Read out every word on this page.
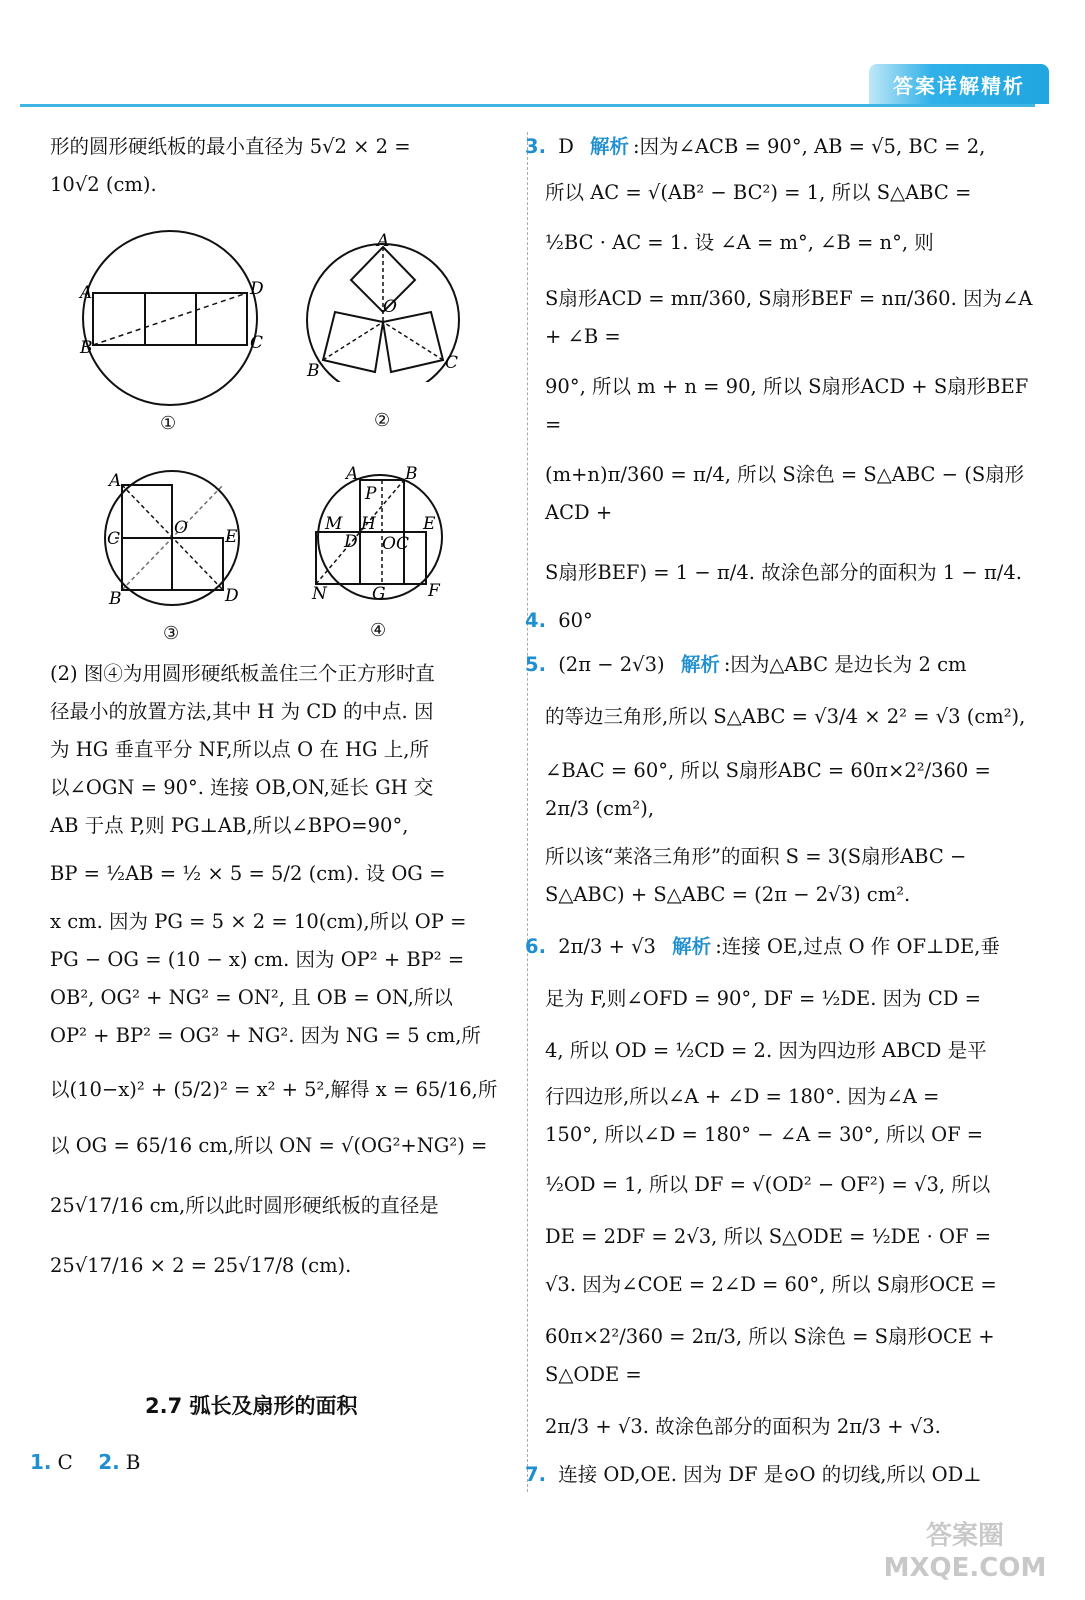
答案详解精析

形的圆形硬纸板的最小直径为 5√2 × 2 =

10√2 (cm).

A	D
B	C
①
A
O
B	C
②
A
C
O E
B	D
③
A	B
P
M H	E
D O C
N	G F
④

(2) 图④为用圆形硬纸板盖住三个正方形时直

径最小的放置方法,其中 H 为 CD 的中点. 因

为 HG 垂直平分 NF,所以点 O 在 HG 上,所

以∠OGN = 90°. 连接 OB,ON,延长 GH 交

AB 于点 P,则 PG⊥AB,所以∠BPO=90°,

BP = ½AB = ½ × 5 = 5/2 (cm). 设 OG =

x cm. 因为 PG = 5 × 2 = 10(cm),所以 OP =

PG − OG = (10 − x) cm. 因为 OP² + BP² =

OB², OG² + NG² = ON², 且 OB = ON,所以

OP² + BP² = OG² + NG². 因为 NG = 5 cm,所

以(10−x)² + (5/2)² = x² + 5²,解得 x = 65/16,所

以 OG = 65/16 cm,所以 ON = √(OG²+NG²) =

25√17/16 cm,所以此时圆形硬纸板的直径是

25√17/16 × 2 = 25√17/8 (cm).

2.7 弧长及扇形的面积
1. C 2. B

3. D 解析 :因为∠ACB = 90°, AB = √5, BC = 2,

所以 AC = √(AB² − BC²) = 1, 所以 S△ABC =

½BC · AC = 1. 设 ∠A = m°, ∠B = n°, 则

S扇形ACD = mπ/360, S扇形BEF = nπ/360. 因为∠A + ∠B =

90°, 所以 m + n = 90, 所以 S扇形ACD + S扇形BEF =

(m+n)π/360 = π/4, 所以 S涂色 = S△ABC − (S扇形ACD +

S扇形BEF) = 1 − π/4. 故涂色部分的面积为 1 − π/4.

4. 60°

5. (2π − 2√3) 解析 :因为△ABC 是边长为 2 cm

的等边三角形,所以 S△ABC = √3/4 × 2² = √3 (cm²),

∠BAC = 60°, 所以 S扇形ABC = 60π×2²/360 = 2π/3 (cm²),

所以该“莱洛三角形”的面积 S = 3(S扇形ABC −

S△ABC) + S△ABC = (2π − 2√3) cm².

6. 2π/3 + √3 解析 :连接 OE,过点 O 作 OF⊥DE,垂

足为 F,则∠OFD = 90°, DF = ½DE. 因为 CD =

4, 所以 OD = ½CD = 2. 因为四边形 ABCD 是平

行四边形,所以∠A + ∠D = 180°. 因为∠A =

150°, 所以∠D = 180° − ∠A = 30°, 所以 OF =

½OD = 1, 所以 DF = √(OD² − OF²) = √3, 所以

DE = 2DF = 2√3, 所以 S△ODE = ½DE · OF =

√3. 因为∠COE = 2∠D = 60°, 所以 S扇形OCE =

60π×2²/360 = 2π/3, 所以 S涂色 = S扇形OCE + S△ODE =

2π/3 + √3. 故涂色部分的面积为 2π/3 + √3.

7. 连接 OD,OE. 因为 DF 是⊙O 的切线,所以 OD⊥

答案圈
MXQE.COM
